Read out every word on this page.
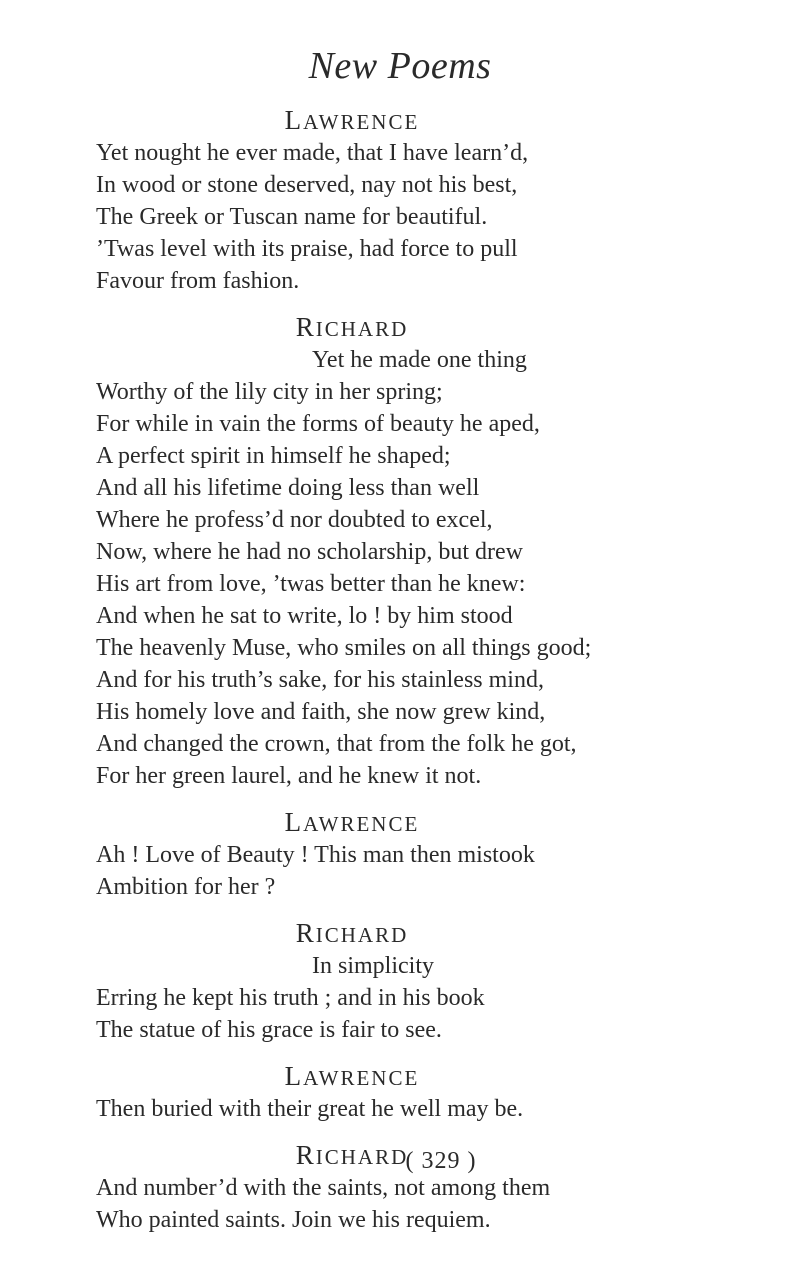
New Poems
LAWRENCE
Yet nought he ever made, that I have learn’d,
In wood or stone deserved, nay not his best,
The Greek or Tuscan name for beautiful.
’Twas level with its praise, had force to pull
Favour from fashion.
RICHARD
Yet he made one thing
Worthy of the lily city in her spring;
For while in vain the forms of beauty he aped,
A perfect spirit in himself he shaped;
And all his lifetime doing less than well
Where he profess’d nor doubted to excel,
Now, where he had no scholarship, but drew
His art from love, ’twas better than he knew:
And when he sat to write, lo ! by him stood
The heavenly Muse, who smiles on all things good;
And for his truth’s sake, for his stainless mind,
His homely love and faith, she now grew kind,
And changed the crown, that from the folk he got,
For her green laurel, and he knew it not.
LAWRENCE
Ah ! Love of Beauty ! This man then mistook
Ambition for her ?
RICHARD
In simplicity
Erring he kept his truth ; and in his book
The statue of his grace is fair to see.
LAWRENCE
Then buried with their great he well may be.
RICHARD
And number’d with the saints, not among them
Who painted saints. Join we his requiem.
( 329 )
